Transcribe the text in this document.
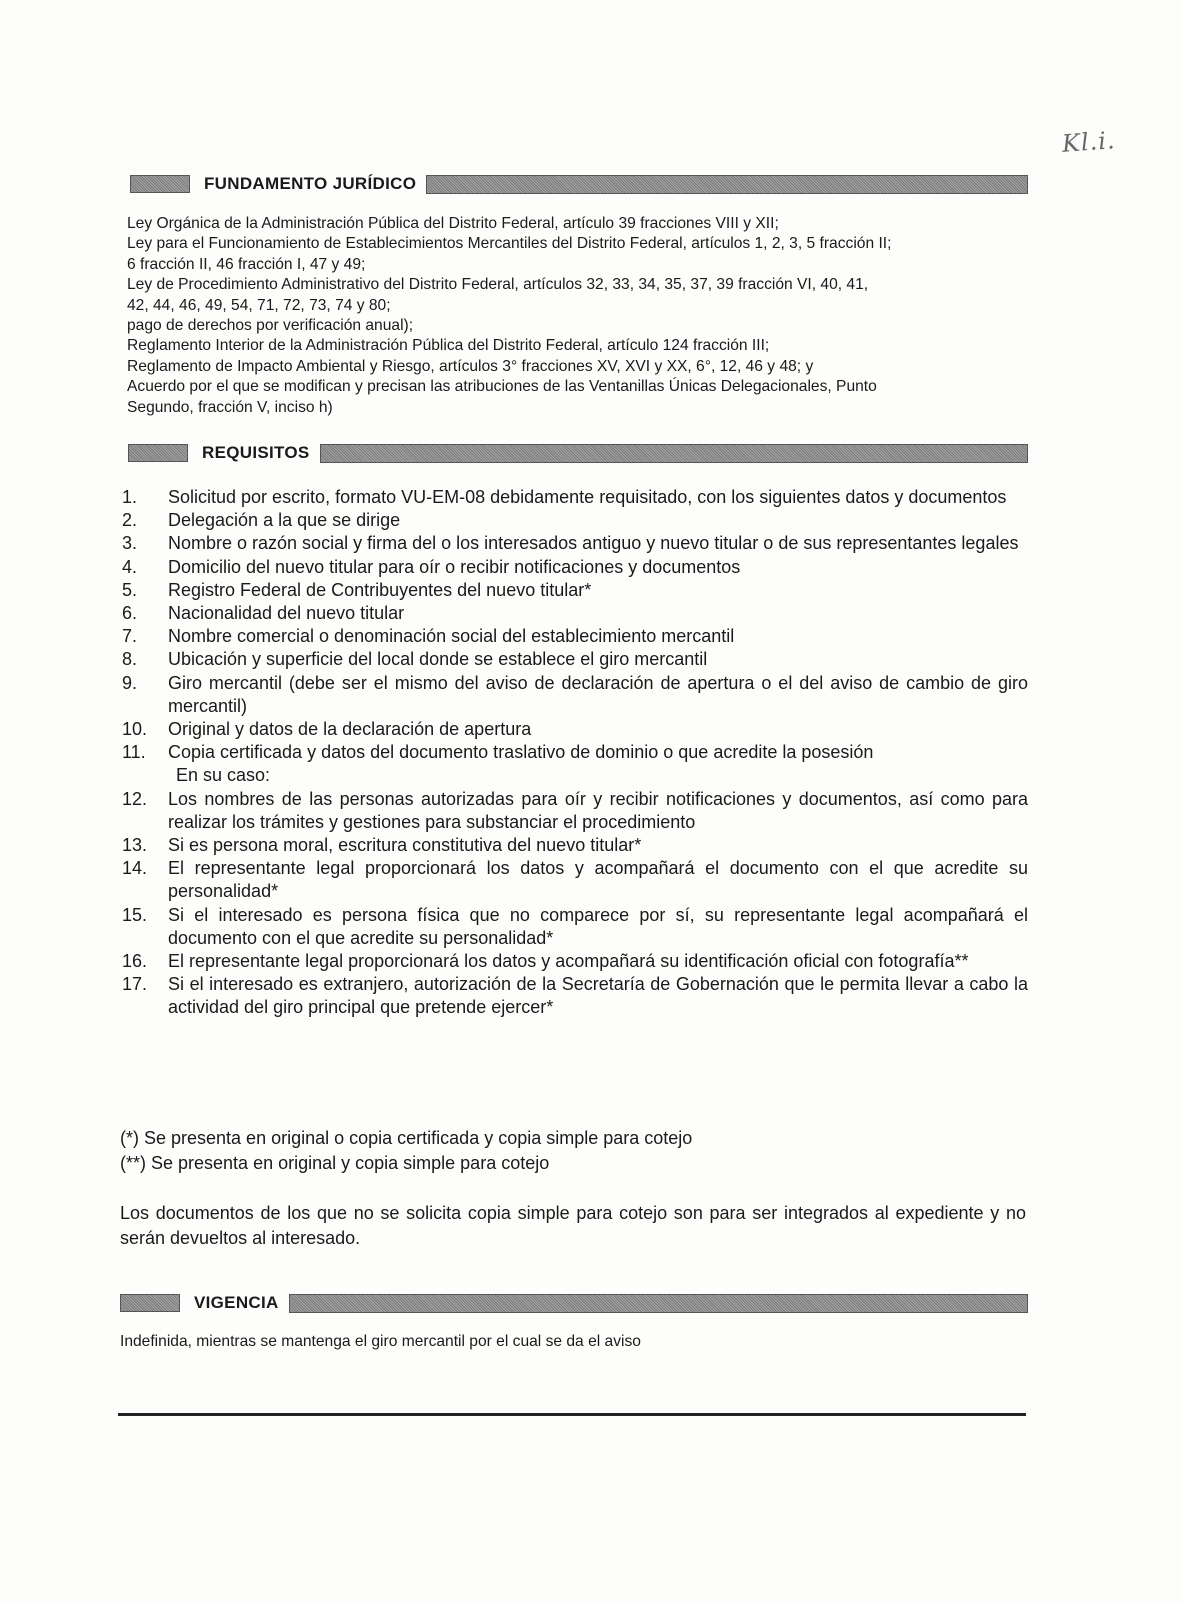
Kl.i.
FUNDAMENTO JURÍDICO
Ley Orgánica de la Administración Pública del Distrito Federal, artículo 39 fracciones VIII y XII;
Ley para el Funcionamiento de Establecimientos Mercantiles del Distrito Federal, artículos 1, 2, 3, 5 fracción II;
6 fracción II, 46 fracción I, 47 y 49;
Ley de Procedimiento Administrativo del Distrito Federal, artículos 32, 33, 34, 35, 37, 39 fracción VI, 40, 41,
42, 44, 46, 49, 54, 71, 72, 73, 74 y 80;
pago de derechos por verificación anual);
Reglamento Interior de la Administración Pública del Distrito Federal, artículo 124 fracción III;
Reglamento de Impacto Ambiental y Riesgo, artículos 3° fracciones XV, XVI y XX, 6°, 12, 46 y 48; y
Acuerdo por el que se modifican y precisan las atribuciones de las Ventanillas Únicas Delegacionales, Punto
Segundo, fracción V, inciso h)
REQUISITOS
1.	Solicitud por escrito, formato VU-EM-08 debidamente requisitado, con los siguientes datos y documentos
2.	Delegación a la que se dirige
3.	Nombre o razón social y firma del o los interesados antiguo y nuevo titular o de sus representantes legales
4.	Domicilio del nuevo titular para oír o recibir notificaciones y documentos
5.	Registro Federal de Contribuyentes del nuevo titular*
6.	Nacionalidad del nuevo titular
7.	Nombre comercial o denominación social del establecimiento mercantil
8.	Ubicación y superficie del local donde se establece el giro mercantil
9.	Giro mercantil (debe ser el mismo del aviso de declaración de apertura o el del aviso de cambio de giro mercantil)
10.	Original y datos de la declaración de apertura
11.	Copia certificada y datos del documento traslativo de dominio o que acredite la posesión
En su caso:
12.	Los nombres de las personas autorizadas para oír y recibir notificaciones y documentos, así como para realizar los trámites y gestiones para substanciar el procedimiento
13.	Si es persona moral, escritura constitutiva del nuevo titular*
14.	El representante legal proporcionará los datos y acompañará el documento con el que acredite su personalidad*
15.	Si el interesado es persona física que no comparece por sí, su representante legal acompañará el documento con el que acredite su personalidad*
16.	El representante legal proporcionará los datos y acompañará su identificación oficial con fotografía**
17.	Si el interesado es extranjero, autorización de la Secretaría de Gobernación que le permita llevar a cabo la actividad del giro principal que pretende ejercer*
(*) Se presenta en original o copia certificada y copia simple para cotejo
(**) Se presenta en original y copia simple para cotejo
Los documentos de los que no se solicita copia simple para cotejo son para ser integrados al expediente y no serán devueltos al interesado.
VIGENCIA
Indefinida, mientras se mantenga el giro mercantil por el cual se da el aviso
